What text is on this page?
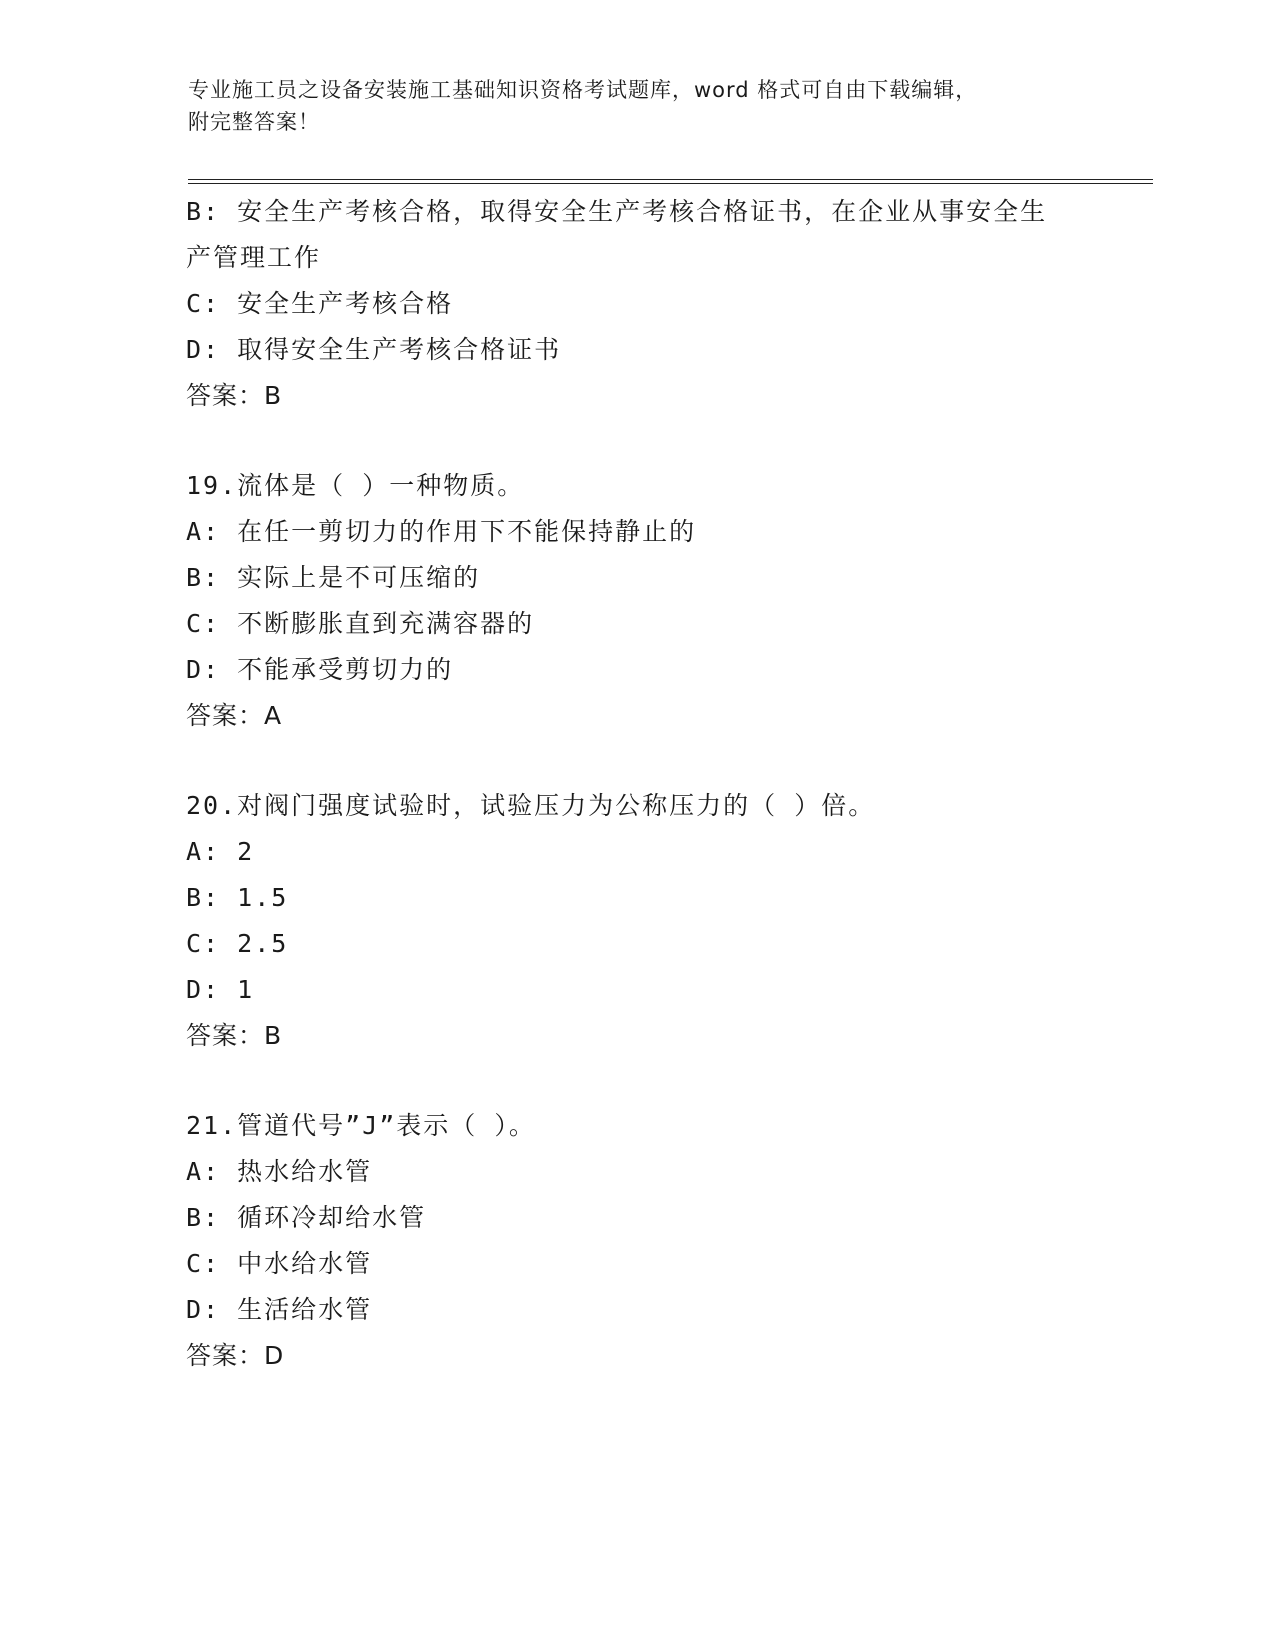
专业施工员之设备安装施工基础知识资格考试题库，word 格式可自由下载编辑，
附完整答案！
B: 安全生产考核合格，取得安全生产考核合格证书，在企业从事安全生产管理工作
C: 安全生产考核合格
D: 取得安全生产考核合格证书
答案：B
19.流体是（ ）一种物质。
A: 在任一剪切力的作用下不能保持静止的
B: 实际上是不可压缩的
C: 不断膨胀直到充满容器的
D: 不能承受剪切力的
答案：A
20.对阀门强度试验时，试验压力为公称压力的（ ）倍。
A: 2
B: 1.5
C: 2.5
D: 1
答案：B
21.管道代号”J”表示（ ）。
A: 热水给水管
B: 循环冷却给水管
C: 中水给水管
D: 生活给水管
答案：D
